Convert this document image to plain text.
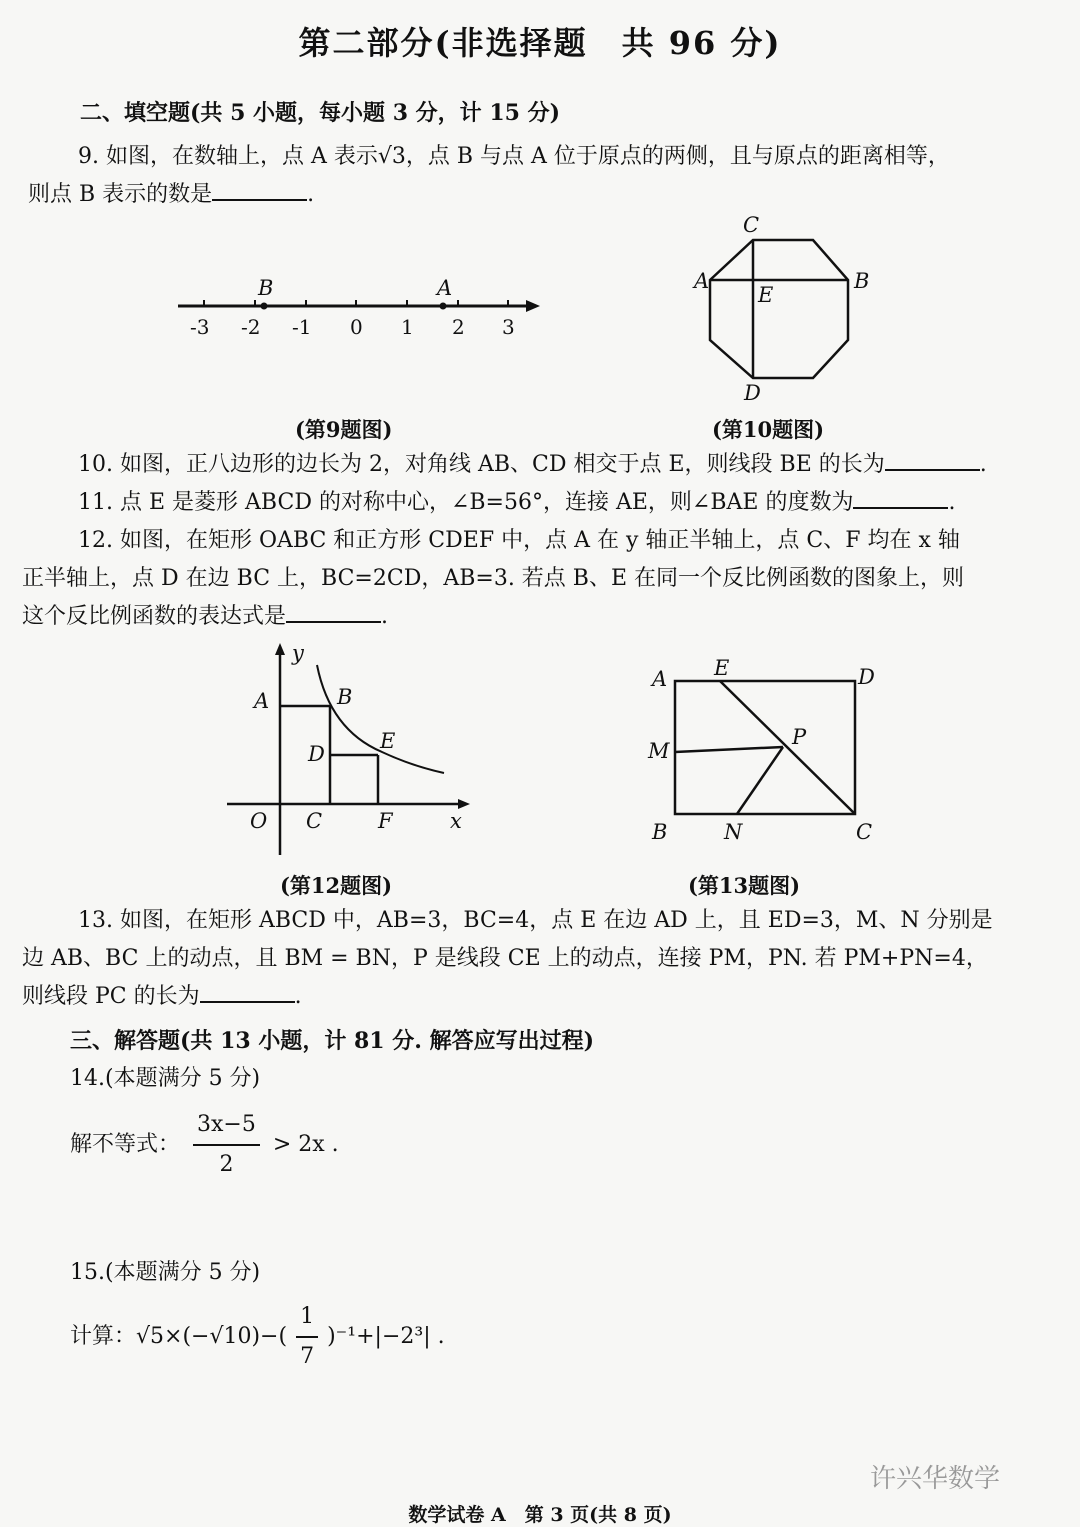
第二部分(非选择题　共 96 分)
二、填空题(共 5 小题，每小题 3 分，计 15 分)
9. 如图，在数轴上，点 A 表示√3，点 B 与点 A 位于原点的两侧，且与原点的距离相等，
则点 B 表示的数是	.
B	A
-3 -2 -1 0 1 2 3
C
A	B
E
D
(第9题图)	(第10题图)
10. 如图，正八边形的边长为 2，对角线 AB、CD 相交于点 E，则线段 BE 的长为	.
11. 点 E 是菱形 ABCD 的对称中心，∠B=56°，连接 AE，则∠BAE 的度数为	.
12. 如图，在矩形 OABC 和正方形 CDEF 中，点 A 在 y 轴正半轴上，点 C、F 均在 x 轴
正半轴上，点 D 在边 BC 上，BC=2CD，AB=3. 若点 B、E 在同一个反比例函数的图象上，则
这个反比例函数的表达式是	.
y
A	B
D
E
O C	F	x
A E	D
M
P
B	N	C
(第12题图)	(第13题图)
13. 如图，在矩形 ABCD 中，AB=3，BC=4，点 E 在边 AD 上，且 ED=3，M、N 分别是
边 AB、BC 上的动点，且 BM = BN，P 是线段 CE 上的动点，连接 PM，PN. 若 PM+PN=4，
则线段 PC 的长为	.
三、解答题(共 13 小题，计 81 分. 解答应写出过程)
14.(本题满分 5 分)
解不等式： $\frac{3x-5}{2} > 2x$ .
15.(本题满分 5 分)
计算：$√5\times(-√10)-( \frac{1}{7} )^{-1}+|-2^3|$ .
许兴华数学
数学试卷 A　第 3 页(共 8 页)
